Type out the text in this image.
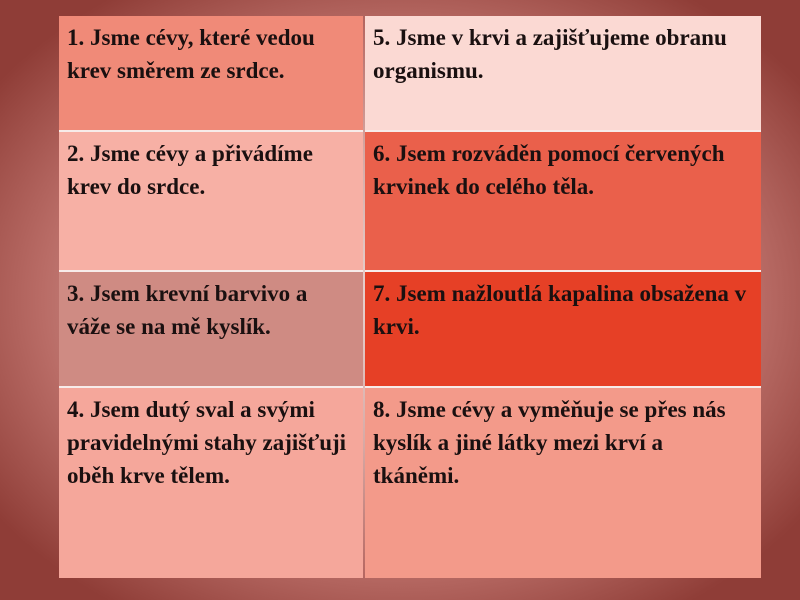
1. Jsme cévy, které vedou krev směrem ze srdce.
5. Jsme v krvi a zajišťujeme obranu organismu.
2. Jsme cévy a přivádíme krev do srdce.
6. Jsem rozváděn pomocí červených krvinek do celého těla.
3. Jsem krevní barvivo a váže se na mě kyslík.
7. Jsem nažloutlá kapalina obsažena v krvi.
4. Jsem dutý sval a svými pravidelnými stahy zajišťuji oběh krve tělem.
8. Jsme cévy a vyměňuje se přes nás kyslík a jiné látky mezi krví a tkáněmi.
